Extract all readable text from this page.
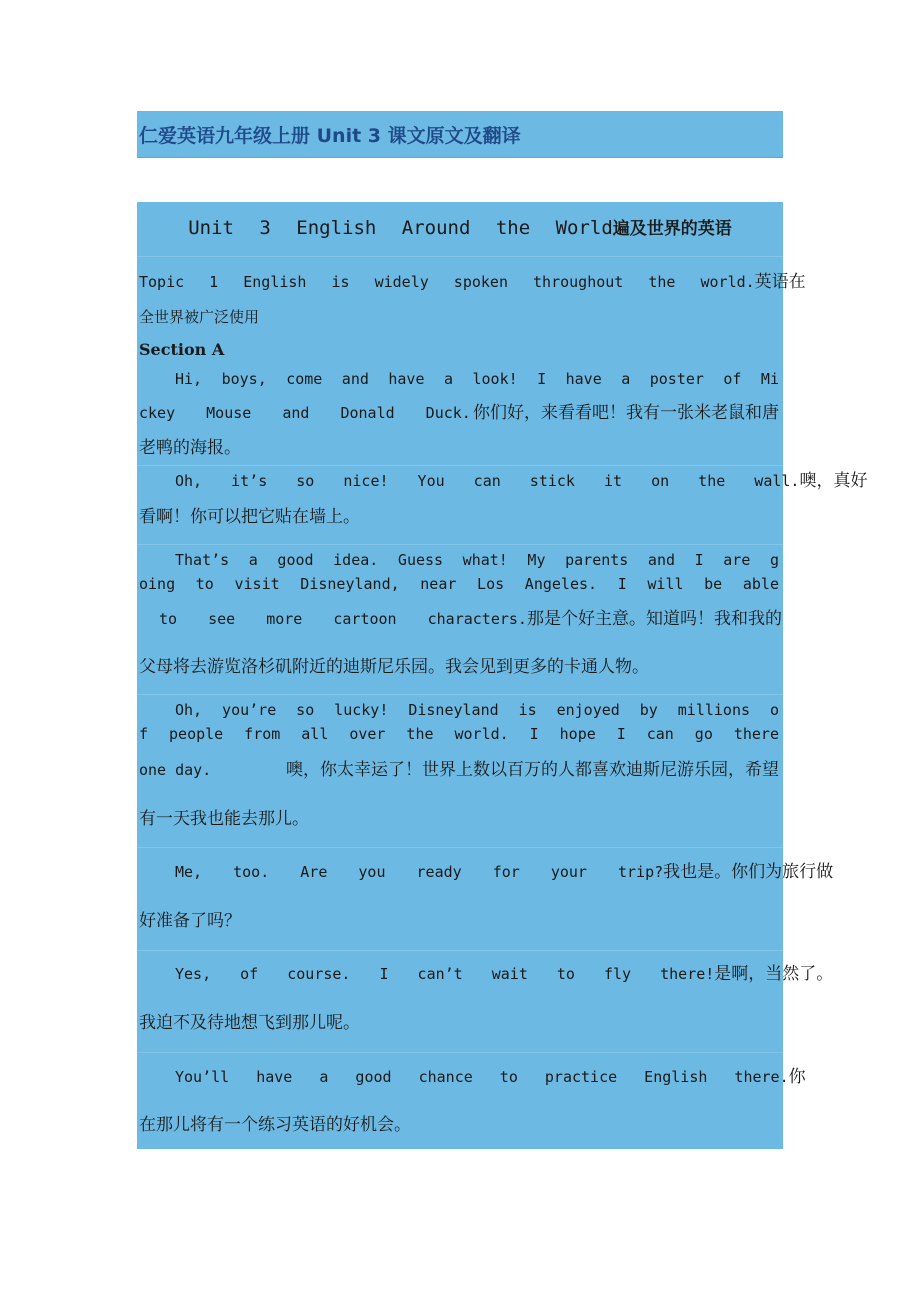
仁爱英语九年级上册 Unit 3 课文原文及翻译
Unit 3 English Around the World遍及世界的英语
Topic 1 English is widely spoken throughout the world. 英语在
全世界被广泛使用
Section A
Hi, boys, come and have a look! I have a poster of Mi
ckey Mouse and Donald Duck. 你们好，来看看吧！我有一张米老鼠和唐
老鸭的海报。
Oh, it’s so nice! You can stick it on the wall. 噢，真好
看啊！你可以把它贴在墙上。
That’s a good idea. Guess what! My parents and I are g
oing to visit Disneyland, near Los Angeles. I will be able
to see more cartoon characters. 那是个好主意。知道吗！我和我的
父母将去游览洛杉矶附近的迪斯尼乐园。我会见到更多的卡通人物。
Oh, you’re so lucky! Disneyland is enjoyed by millions o
f people from all over the world. I hope I can go there
one day.	噢，你太幸运了！世界上数以百万的人都喜欢迪斯尼游乐园，希望
有一天我也能去那儿。
Me, too. Are you ready for your trip? 我也是。你们为旅行做
好准备了吗？
Yes, of course. I can’t wait to fly there! 是啊，当然了。
我迫不及待地想飞到那儿呢。
You’ll have a good chance to practice English there. 你
在那儿将有一个练习英语的好机会。
